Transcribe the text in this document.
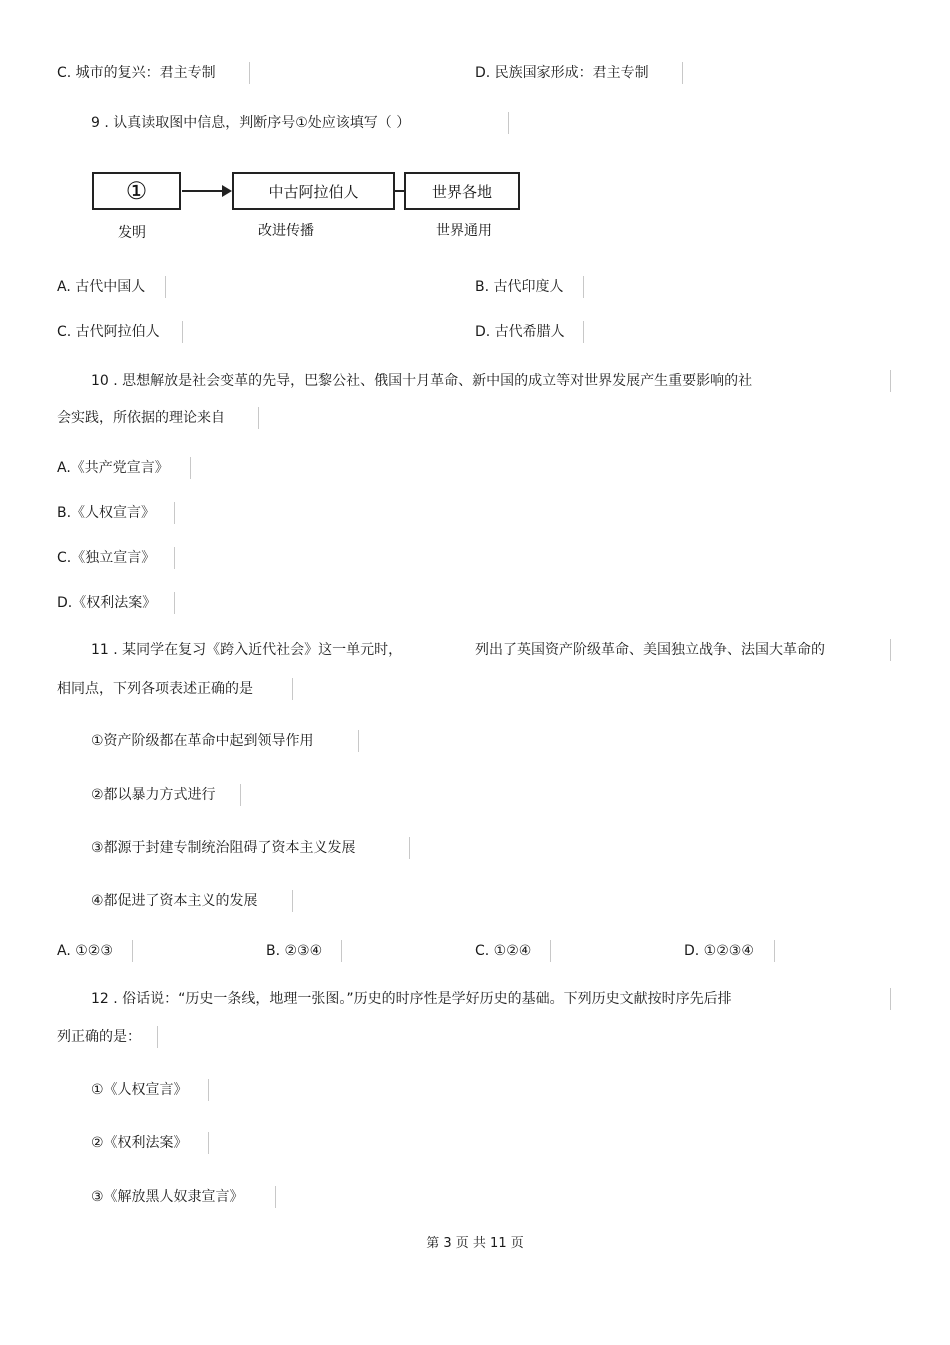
C. 城市的复兴：君主专制	D. 民族国家形成：君主专制
9 . 认真读取图中信息，判断序号①处应该填写（ ）
①	中古阿拉伯人	世界各地
发明	改进传播	世界通用
A. 古代中国人	B. 古代印度人
C. 古代阿拉伯人	D. 古代希腊人
10 . 思想解放是社会变革的先导，巴黎公社、俄国十月革命、新中国的成立等对世界发展产生重要影响的社
会实践，所依据的理论来自
A.《共产党宣言》
B.《人权宣言》
C.《独立宣言》
D.《权利法案》
11 . 某同学在复习《跨入近代社会》这一单元时，	列出了英国资产阶级革命、美国独立战争、法国大革命的
相同点，下列各项表述正确的是
①资产阶级都在革命中起到领导作用
②都以暴力方式进行
③都源于封建专制统治阻碍了资本主义发展
④都促进了资本主义的发展
A. ①②③	B. ②③④	C. ①②④	D. ①②③④
12 . 俗话说：“历史一条线，地理一张图。”历史的时序性是学好历史的基础。下列历史文献按时序先后排
列正确的是：
①《人权宣言》
②《权利法案》
③《解放黑人奴隶宣言》
第 3 页 共 11 页
